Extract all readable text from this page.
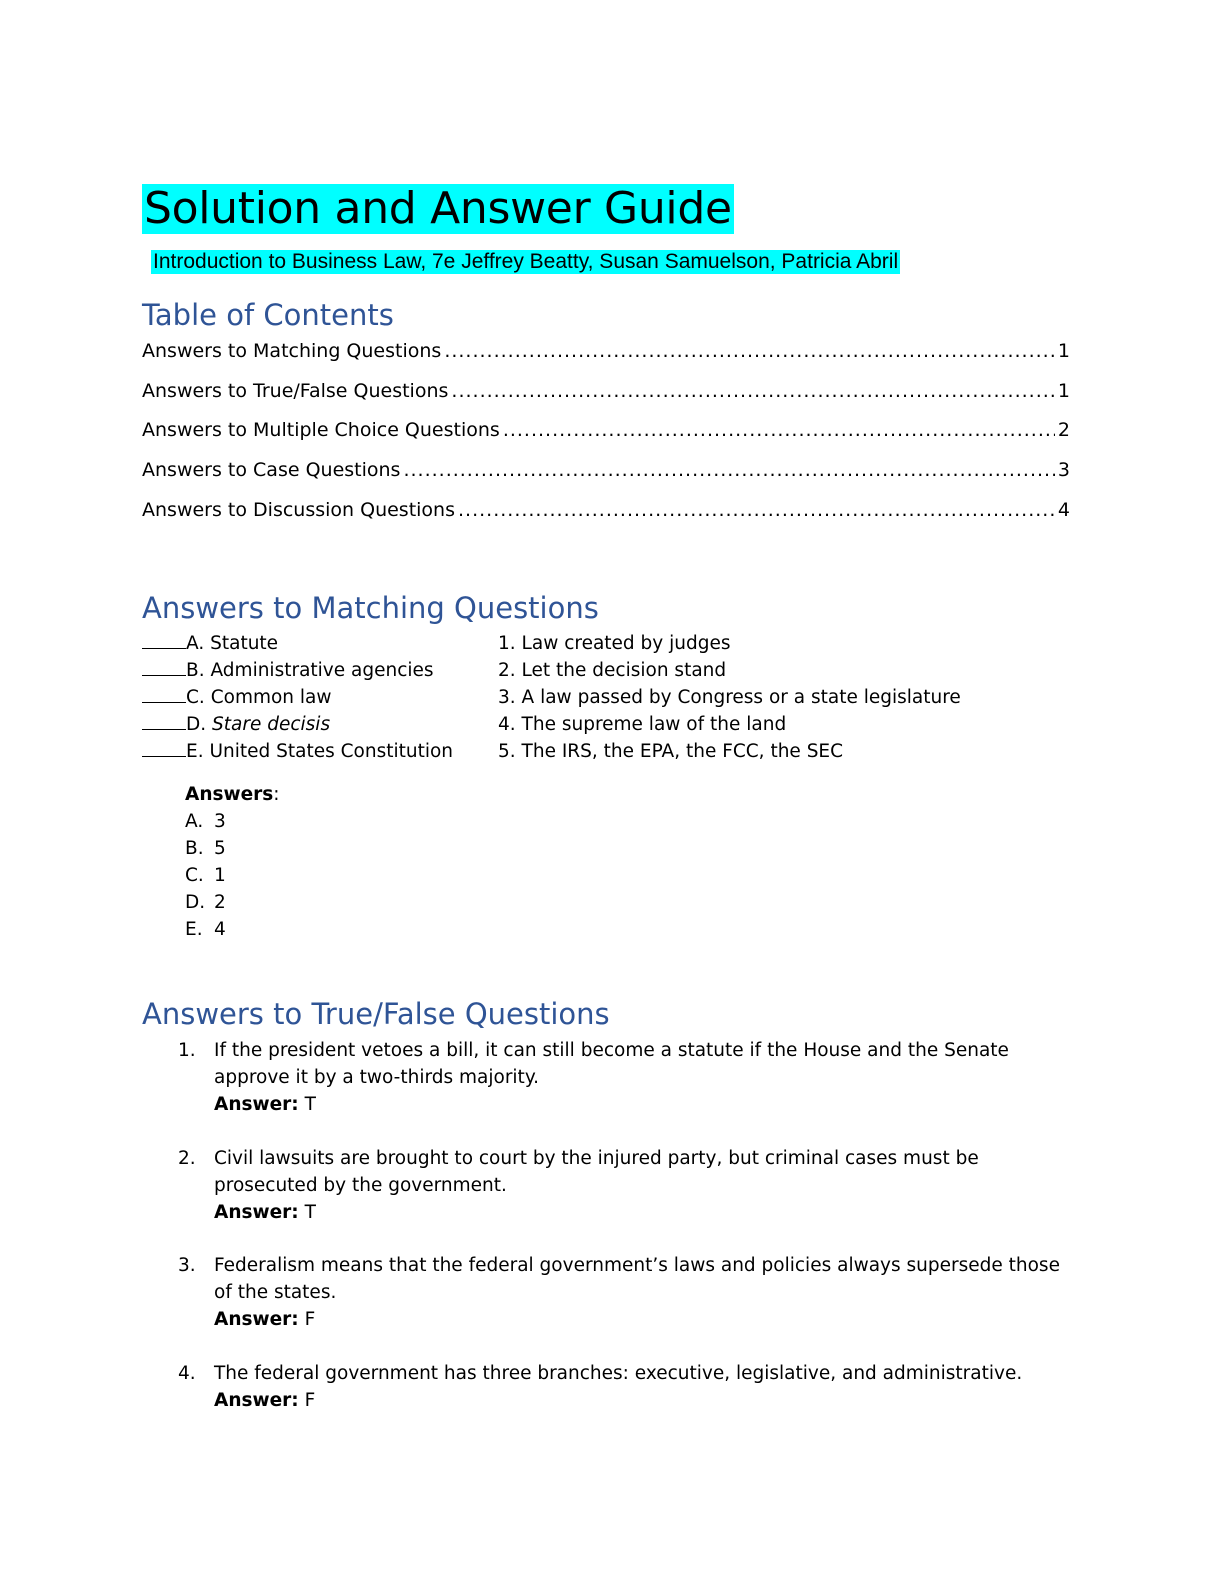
Solution and Answer Guide

Introduction to Business Law, 7e Jeffrey Beatty, Susan Samuelson, Patricia Abril

Table of Contents
Answers to Matching Questions .....	1
Answers to True/False Questions .....	1
Answers to Multiple Choice Questions .....	2
Answers to Case Questions .....	3
Answers to Discussion Questions .....	4
Answers to Matching Questions
A. Statute	1. Law created by judges
B. Administrative agencies	2. Let the decision stand
C. Common law	3. A law passed by Congress or a state legislature
D. Stare decisis	4. The supreme law of the land
E. United States Constitution 5. The IRS, the EPA, the FCC, the SEC

Answers:

A. 3
B. 5
C. 1
D. 2
E. 4
Answers to True/False Questions
1. If the president vetoes a bill, it can still become a statute if the House and the Senate approve it by a two-thirds majority.
Answer: T
2. Civil lawsuits are brought to court by the injured party, but criminal cases must be prosecuted by the government.
Answer: T
3. Federalism means that the federal government’s laws and policies always supersede those of the states.
Answer: F
4. The federal government has three branches: executive, legislative, and administrative.
Answer: F
